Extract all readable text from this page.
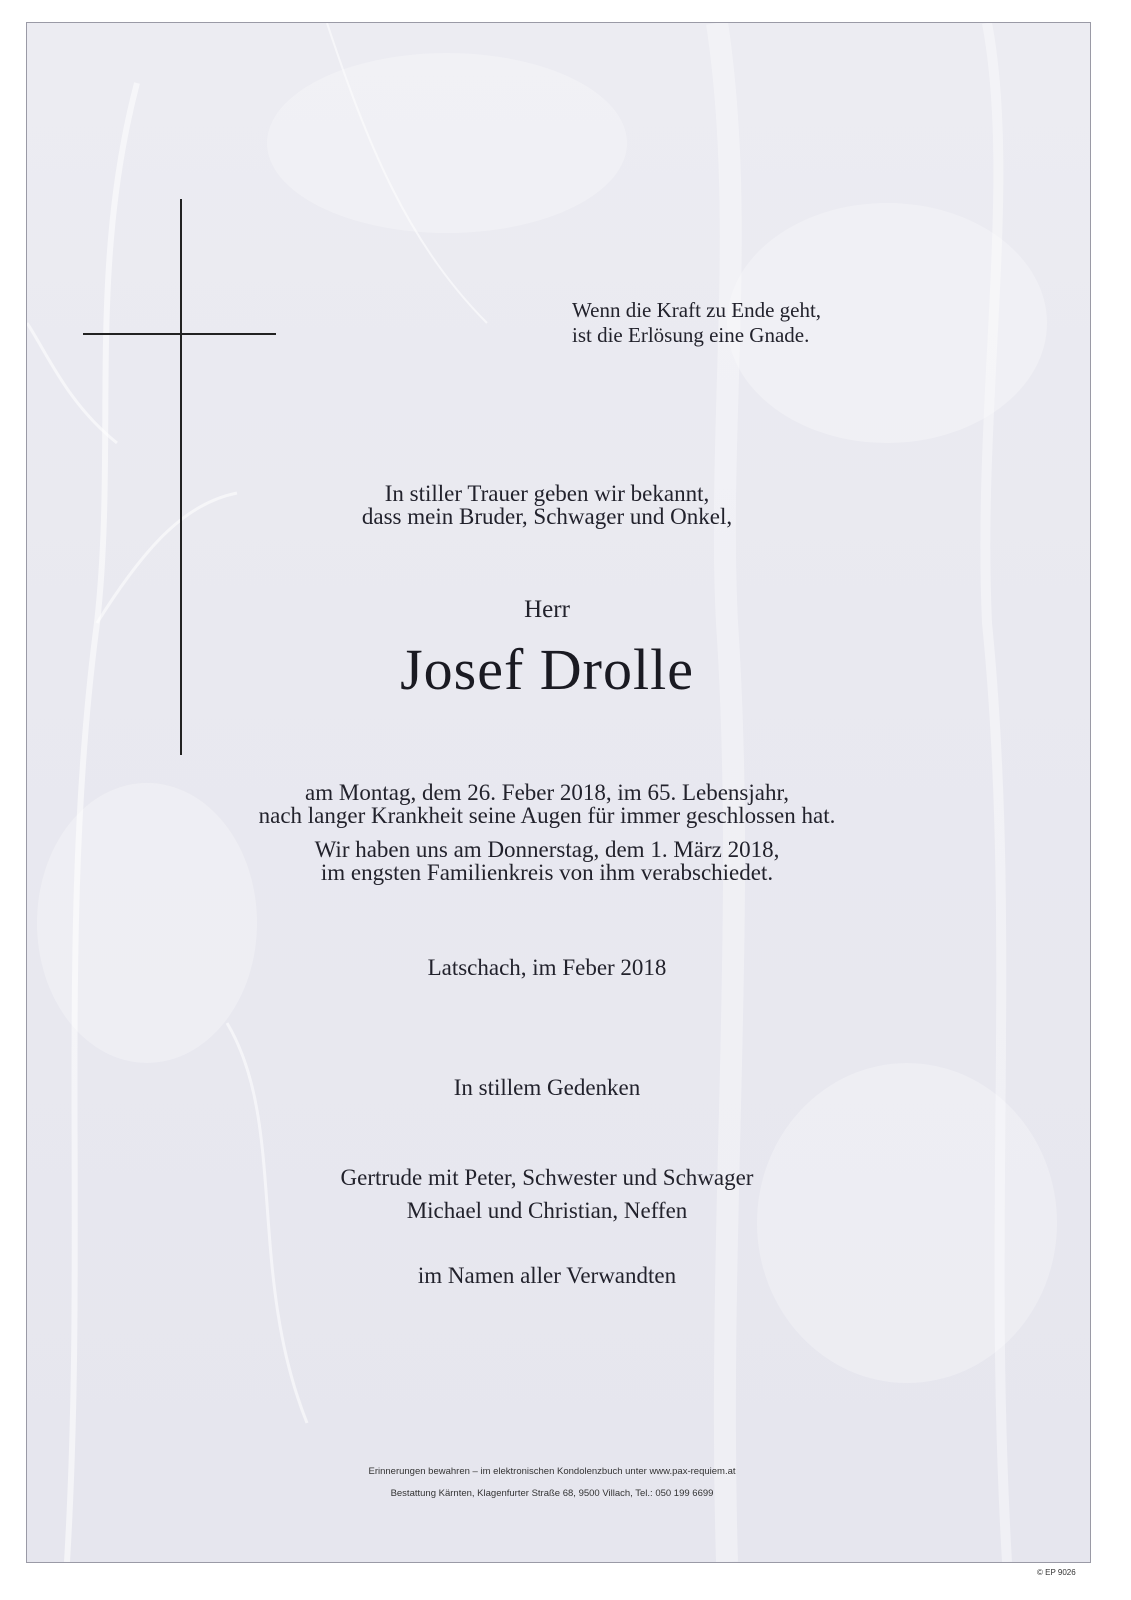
Wenn die Kraft zu Ende geht,
ist die Erlösung eine Gnade.
In stiller Trauer geben wir bekannt,
dass mein Bruder, Schwager und Onkel,
Herr
Josef Drolle
am Montag, dem 26. Feber 2018, im 65. Lebensjahr,
nach langer Krankheit seine Augen für immer geschlossen hat.
Wir haben uns am Donnerstag, dem 1. März 2018,
im engsten Familienkreis von ihm verabschiedet.
Latschach, im Feber 2018
In stillem Gedenken
Gertrude mit Peter, Schwester und Schwager
Michael und Christian, Neffen
im Namen aller Verwandten
Erinnerungen bewahren – im elektronischen Kondolenzbuch unter www.pax-requiem.at
Bestattung Kärnten, Klagenfurter Straße 68, 9500 Villach, Tel.: 050 199 6699
© EP 9026
